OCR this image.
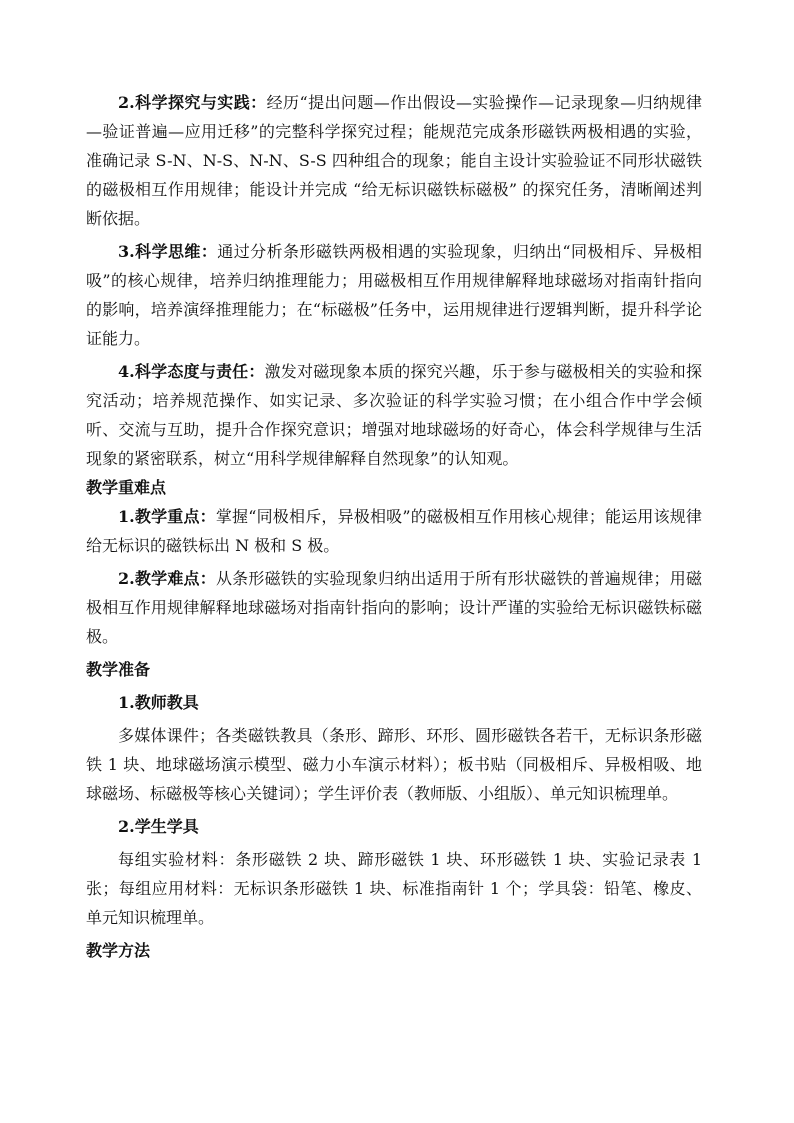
2.科学探究与实践：经历“提出问题—作出假设—实验操作—记录现象—归纳规律—验证普遍—应用迁移”的完整科学探究过程；能规范完成条形磁铁两极相遇的实验，准确记录 S-N、N-S、N-N、S-S 四种组合的现象；能自主设计实验验证不同形状磁铁的磁极相互作用规律；能设计并完成 “给无标识磁铁标磁极” 的探究任务，清晰阐述判断依据。

3.科学思维：通过分析条形磁铁两极相遇的实验现象，归纳出“同极相斥、异极相吸”的核心规律，培养归纳推理能力；用磁极相互作用规律解释地球磁场对指南针指向的影响，培养演绎推理能力；在“标磁极”任务中，运用规律进行逻辑判断，提升科学论证能力。

4.科学态度与责任：激发对磁现象本质的探究兴趣，乐于参与磁极相关的实验和探究活动；培养规范操作、如实记录、多次验证的科学实验习惯；在小组合作中学会倾听、交流与互助，提升合作探究意识；增强对地球磁场的好奇心，体会科学规律与生活现象的紧密联系，树立“用科学规律解释自然现象”的认知观。

教学重难点

1.教学重点：掌握“同极相斥，异极相吸”的磁极相互作用核心规律；能运用该规律给无标识的磁铁标出 N 极和 S 极。

2.教学难点：从条形磁铁的实验现象归纳出适用于所有形状磁铁的普遍规律；用磁极相互作用规律解释地球磁场对指南针指向的影响；设计严谨的实验给无标识磁铁标磁极。

教学准备

1.教师教具

多媒体课件；各类磁铁教具（条形、蹄形、环形、圆形磁铁各若干，无标识条形磁铁 1 块、地球磁场演示模型、磁力小车演示材料）；板书贴（同极相斥、异极相吸、地球磁场、标磁极等核心关键词）；学生评价表（教师版、小组版）、单元知识梳理单。

2.学生学具

每组实验材料：条形磁铁 2 块、蹄形磁铁 1 块、环形磁铁 1 块、实验记录表 1 张；每组应用材料：无标识条形磁铁 1 块、标准指南针 1 个；学具袋：铅笔、橡皮、单元知识梳理单。

教学方法
